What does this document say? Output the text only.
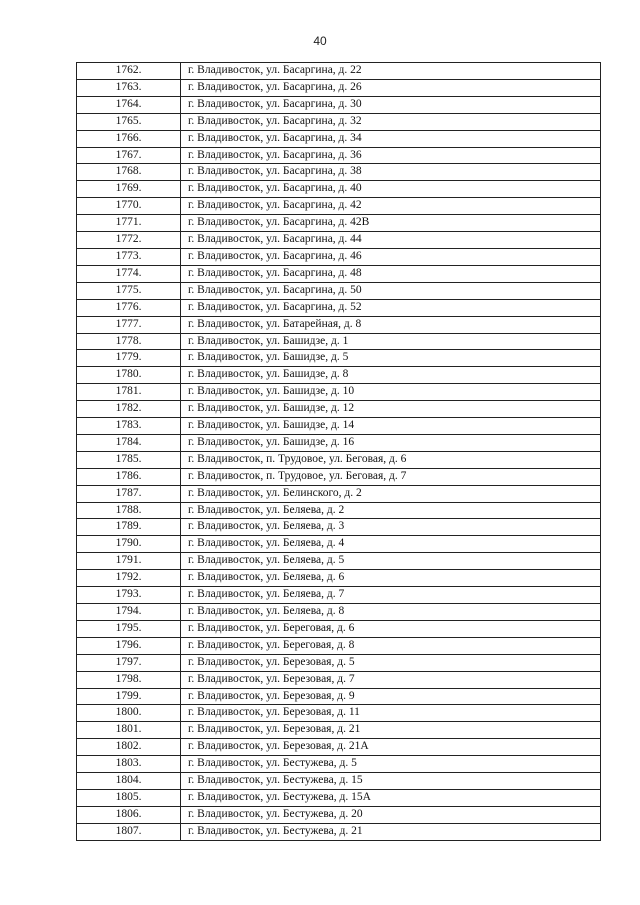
40
1762.	г. Владивосток, ул. Басаргина, д. 22
1763.	г. Владивосток, ул. Басаргина, д. 26
1764.	г. Владивосток, ул. Басаргина, д. 30
1765.	г. Владивосток, ул. Басаргина, д. 32
1766.	г. Владивосток, ул. Басаргина, д. 34
1767.	г. Владивосток, ул. Басаргина, д. 36
1768.	г. Владивосток, ул. Басаргина, д. 38
1769.	г. Владивосток, ул. Басаргина, д. 40
1770.	г. Владивосток, ул. Басаргина, д. 42
1771.	г. Владивосток, ул. Басаргина, д. 42В
1772.	г. Владивосток, ул. Басаргина, д. 44
1773.	г. Владивосток, ул. Басаргина, д. 46
1774.	г. Владивосток, ул. Басаргина, д. 48
1775.	г. Владивосток, ул. Басаргина, д. 50
1776.	г. Владивосток, ул. Басаргина, д. 52
1777.	г. Владивосток, ул. Батарейная, д. 8
1778.	г. Владивосток, ул. Башидзе, д. 1
1779.	г. Владивосток, ул. Башидзе, д. 5
1780.	г. Владивосток, ул. Башидзе, д. 8
1781.	г. Владивосток, ул. Башидзе, д. 10
1782.	г. Владивосток, ул. Башидзе, д. 12
1783.	г. Владивосток, ул. Башидзе, д. 14
1784.	г. Владивосток, ул. Башидзе, д. 16
1785.	г. Владивосток, п. Трудовое, ул. Беговая, д. 6
1786.	г. Владивосток, п. Трудовое, ул. Беговая, д. 7
1787.	г. Владивосток, ул. Белинского, д. 2
1788.	г. Владивосток, ул. Беляева, д. 2
1789.	г. Владивосток, ул. Беляева, д. 3
1790.	г. Владивосток, ул. Беляева, д. 4
1791.	г. Владивосток, ул. Беляева, д. 5
1792.	г. Владивосток, ул. Беляева, д. 6
1793.	г. Владивосток, ул. Беляева, д. 7
1794.	г. Владивосток, ул. Беляева, д. 8
1795.	г. Владивосток, ул. Береговая, д. 6
1796.	г. Владивосток, ул. Береговая, д. 8
1797.	г. Владивосток, ул. Березовая, д. 5
1798.	г. Владивосток, ул. Березовая, д. 7
1799.	г. Владивосток, ул. Березовая, д. 9
1800.	г. Владивосток, ул. Березовая, д. 11
1801.	г. Владивосток, ул. Березовая, д. 21
1802.	г. Владивосток, ул. Березовая, д. 21А
1803.	г. Владивосток, ул. Бестужева, д. 5
1804.	г. Владивосток, ул. Бестужева, д. 15
1805.	г. Владивосток, ул. Бестужева, д. 15А
1806.	г. Владивосток, ул. Бестужева, д. 20
1807.	г. Владивосток, ул. Бестужева, д. 21
